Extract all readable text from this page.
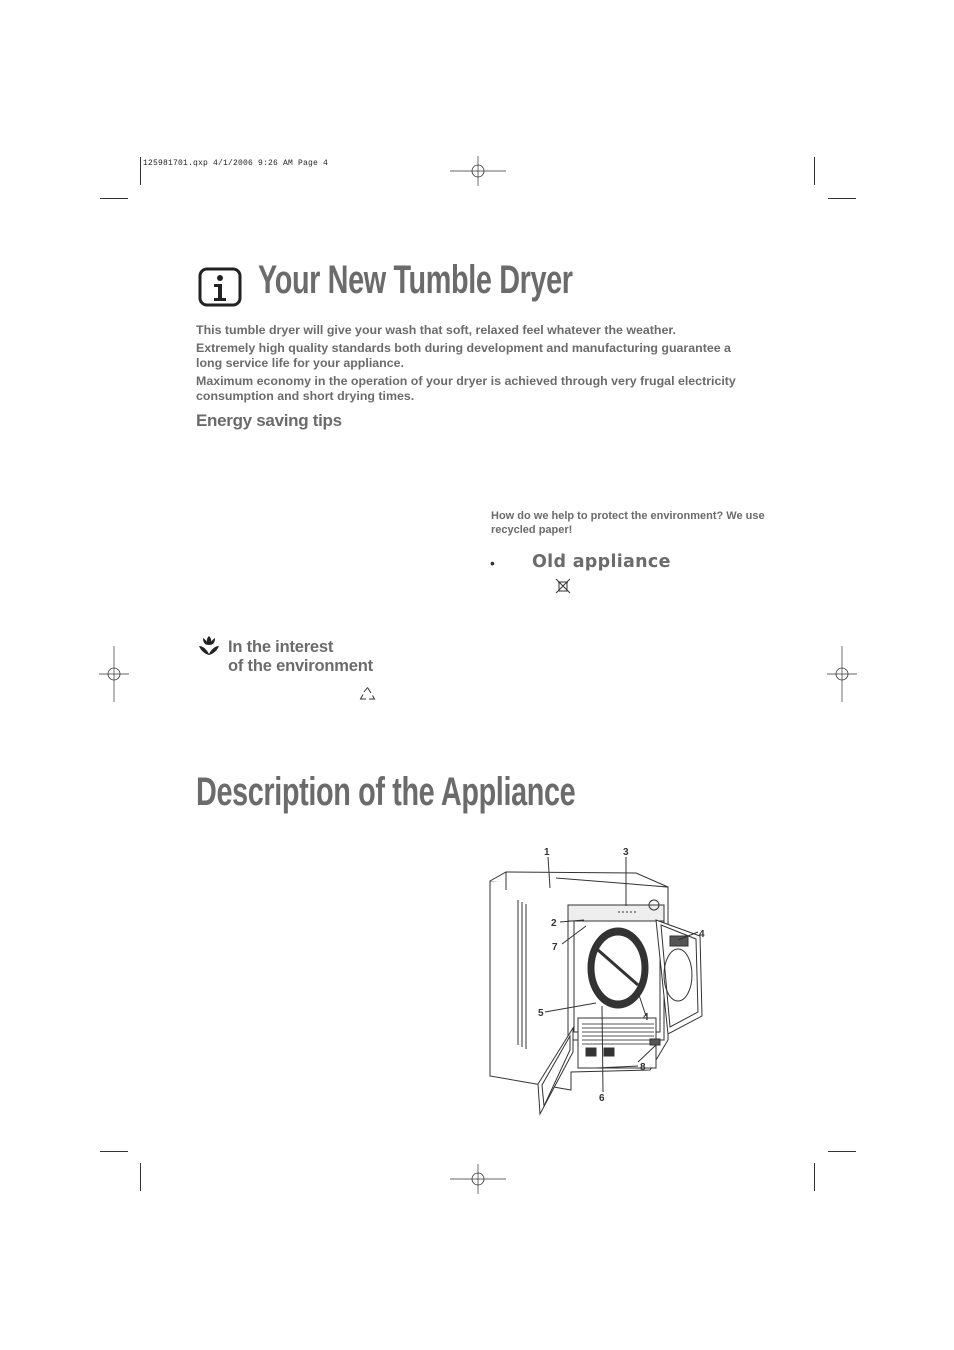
125981701.qxp 4/1/2006 9:26 AM Page 4
Your New Tumble Dryer

This tumble dryer will give your wash that soft, relaxed feel whatever the weather.

Extremely high quality standards both during development and manufacturing guarantee a long service life for your appliance.

Maximum economy in the operation of your dryer is achieved through very frugal electricity consumption and short drying times.

Energy saving tips
How do we help to protect the environment? We use recycled paper!
• Old appliance
In the interest
of the environment
Description of the Appliance
1
2
3
4
4
5
6
7
8
